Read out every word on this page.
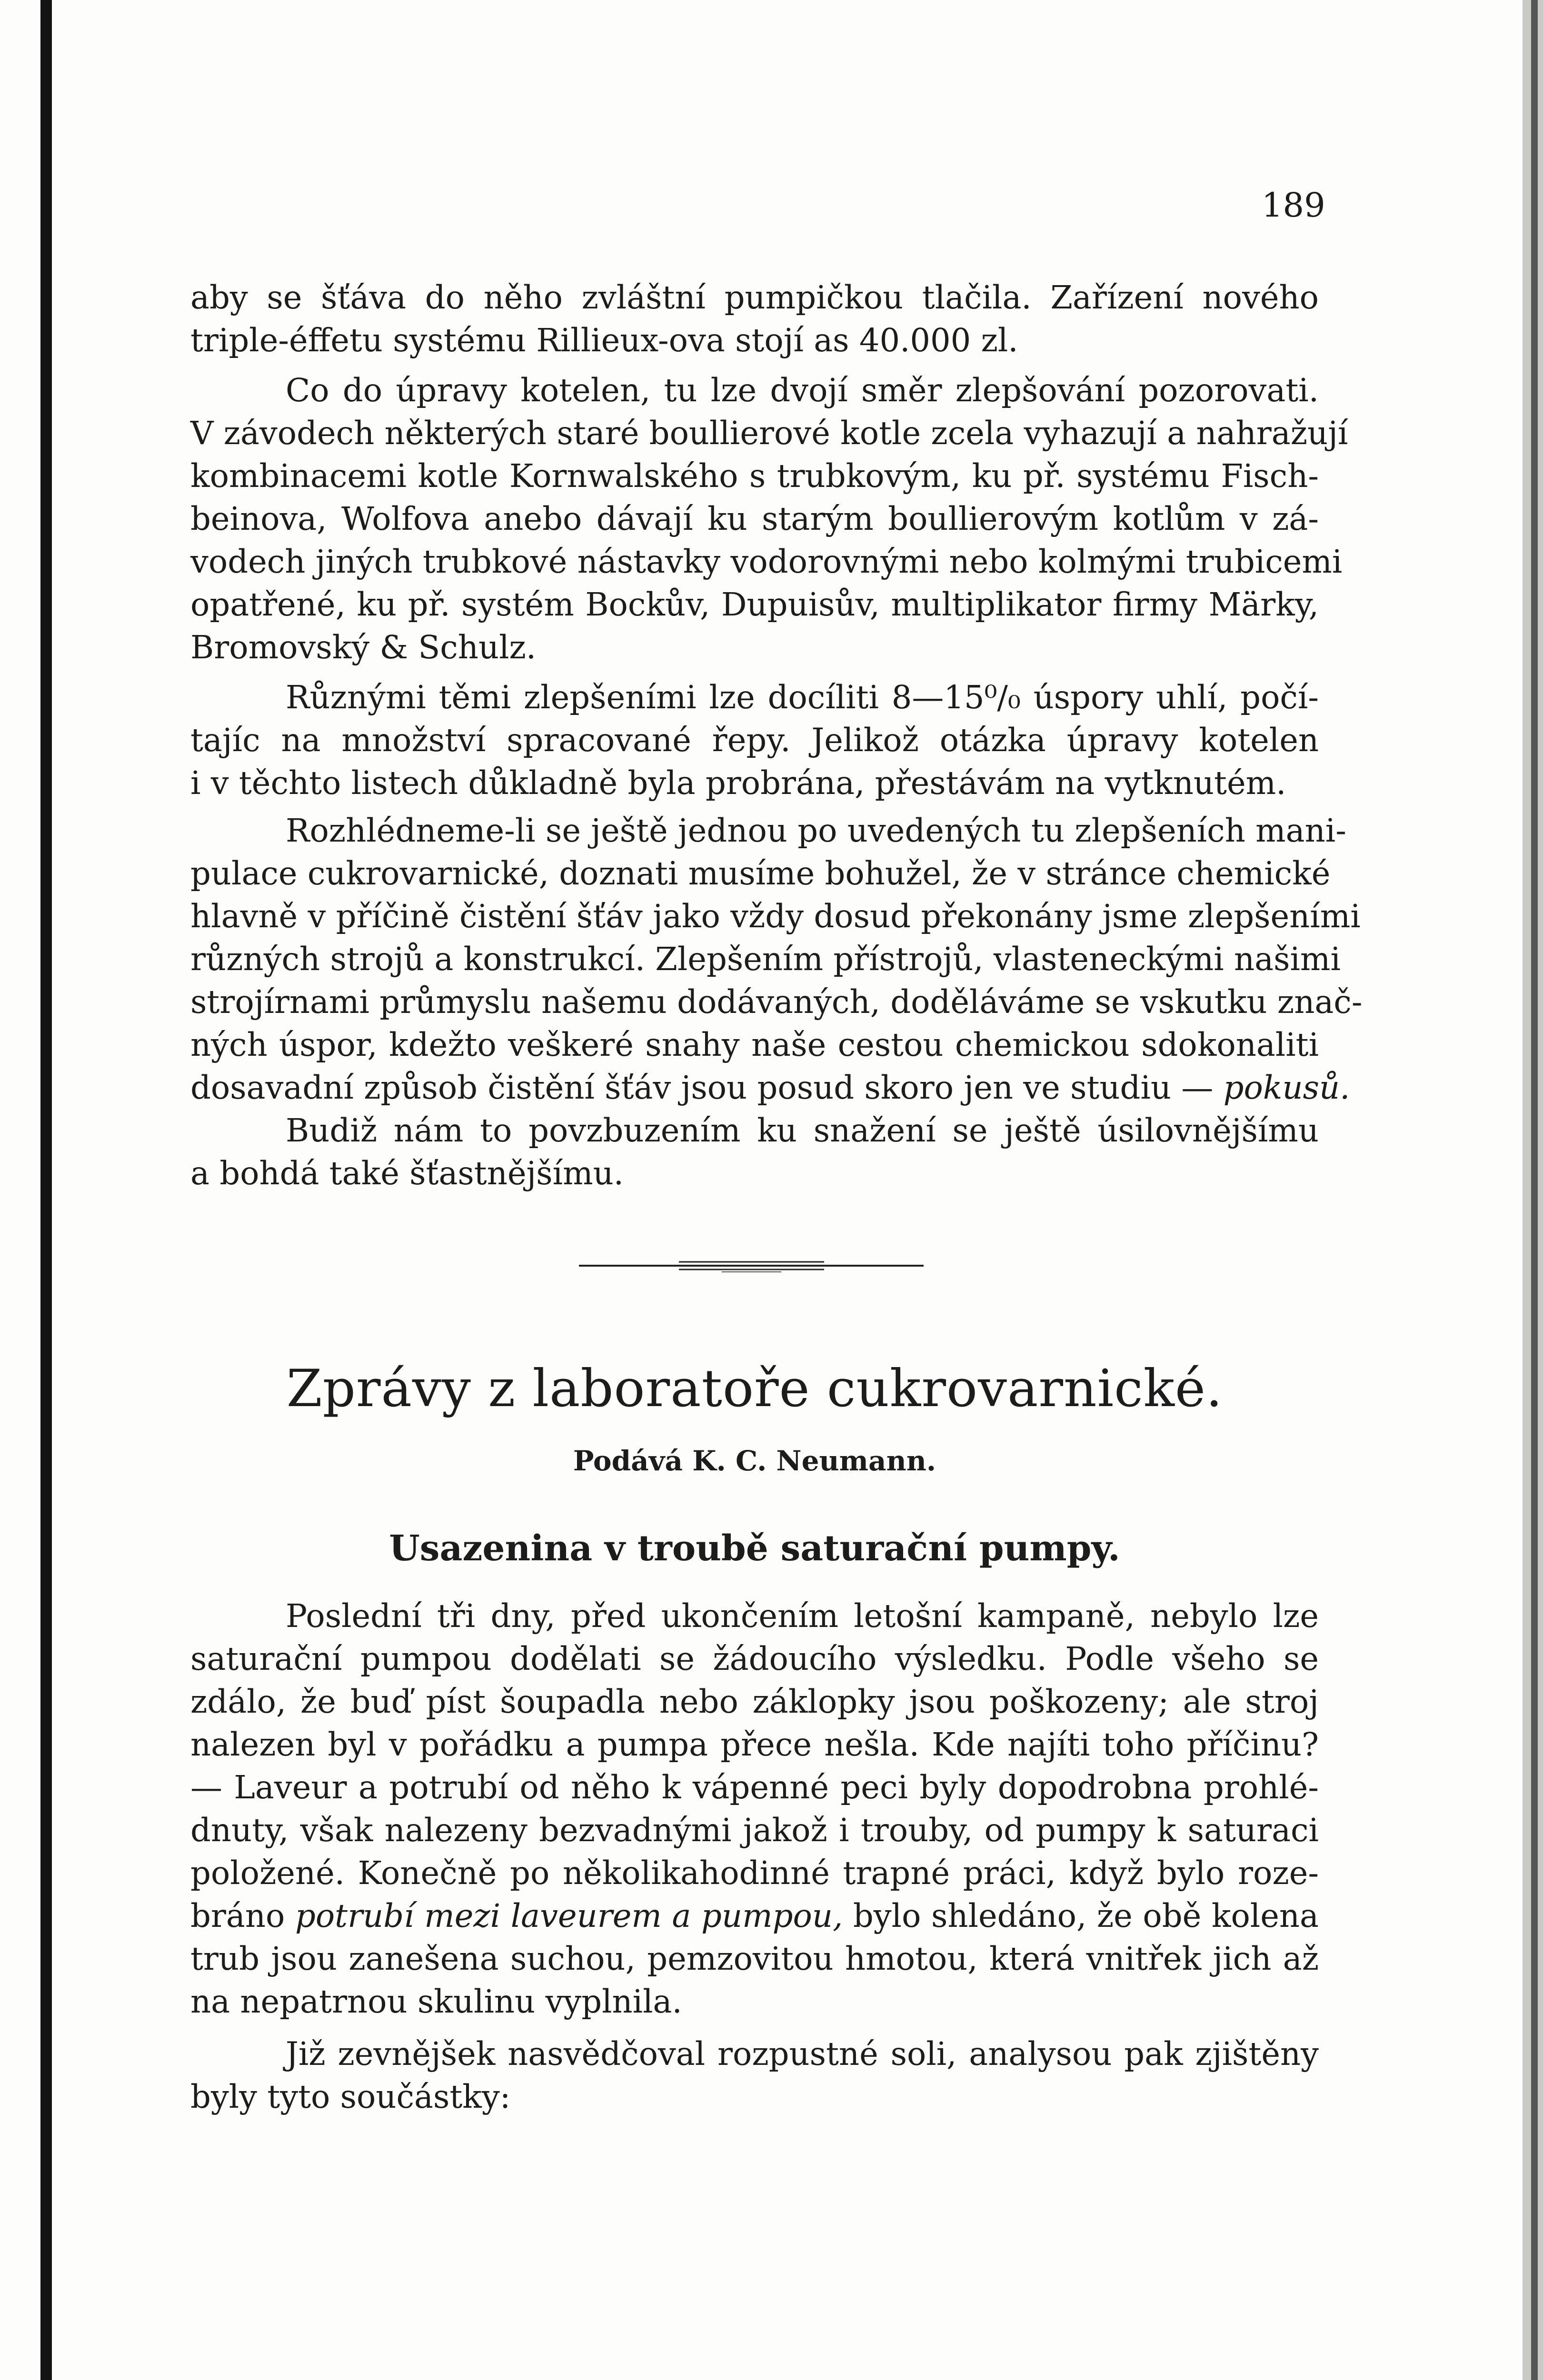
189

aby se šťáva do něho zvláštní pumpičkou tlačila. Zařízení nového
triple-éffetu systému Rillieux-ova stojí as 40.000 zl.

Co do úpravy kotelen, tu lze dvojí směr zlepšování pozorovati.
V závodech některých staré boullierové kotle zcela vyhazují a nahražují
kombinacemi kotle Kornwalského s trubkovým, ku př. systému Fisch-
beinova, Wolfova anebo dávají ku starým boullierovým kotlům v zá-
vodech jiných trubkové nástavky vodorovnými nebo kolmými trubicemi
opatřené, ku př. systém Bockův, Dupuisův, multiplikator firmy Märky,
Bromovský & Schulz.

Různými těmi zlepšeními lze docíliti 8—15⁰/₀ úspory uhlí, počí-
tajíc na množství spracované řepy. Jelikož otázka úpravy kotelen
i v těchto listech důkladně byla probrána, přestávám na vytknutém.

Rozhlédneme-li se ještě jednou po uvedených tu zlepšeních mani-
pulace cukrovarnické, doznati musíme bohužel, že v stránce chemické
hlavně v příčině čistění šťáv jako vždy dosud překonány jsme zlepšeními
různých strojů a konstrukcí. Zlepšením přístrojů, vlasteneckými našimi
strojírnami průmyslu našemu dodávaných, doděláváme se vskutku znač-
ných úspor, kdežto veškeré snahy naše cestou chemickou sdokonaliti
dosavadní způsob čistění šťáv jsou posud skoro jen ve studiu — pokusů.
Budiž nám to povzbuzením ku snažení se ještě úsilovnějšímu
a bohdá také šťastnějšímu.

Zprávy z laboratoře cukrovarnické.
Podává K. C. Neumann.
Usazenina v troubě saturační pumpy.

Poslední tři dny, před ukončením letošní kampaně, nebylo lze
saturační pumpou dodělati se žádoucího výsledku. Podle všeho se
zdálo, že buď píst šoupadla nebo záklopky jsou poškozeny; ale stroj
nalezen byl v pořádku a pumpa přece nešla. Kde najíti toho příčinu?
— Laveur a potrubí od něho k vápenné peci byly dopodrobna prohlé-
dnuty, však nalezeny bezvadnými jakož i trouby, od pumpy k saturaci
položené. Konečně po několikahodinné trapné práci, když bylo roze-
bráno potrubí mezi laveurem a pumpou, bylo shledáno, že obě kolena
trub jsou zanešena suchou, pemzovitou hmotou, která vnitřek jich až
na nepatrnou skulinu vyplnila.

Již zevnějšek nasvědčoval rozpustné soli, analysou pak zjištěny
byly tyto součástky:
